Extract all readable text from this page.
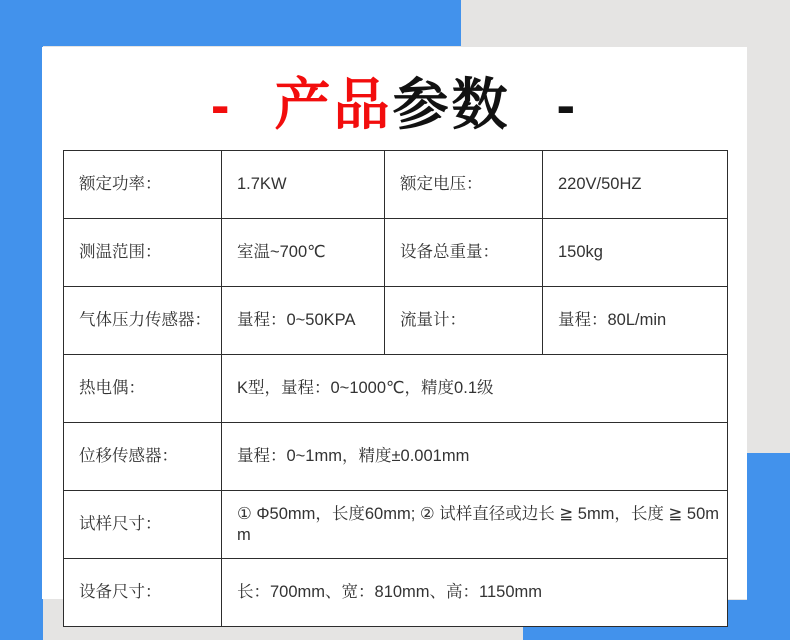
- 产品参数 -
额定功率：	1.7KW	额定电压：	220V/50HZ
测温范围：	室温~700℃	设备总重量：	150kg
气体压力传感器：	量程：0~50KPA	流量计：	量程：80L/min
热电偶：	K型，量程：0~1000℃，精度0.1级		
位移传感器：	量程：0~1mm，精度±0.001mm		
试样尺寸：	① Φ50mm，长度60mm; ② 试样直径或边长 ≧ 5mm，长度 ≧ 50mm		
设备尺寸：	长：700mm、宽：810mm、高：1150mm		
